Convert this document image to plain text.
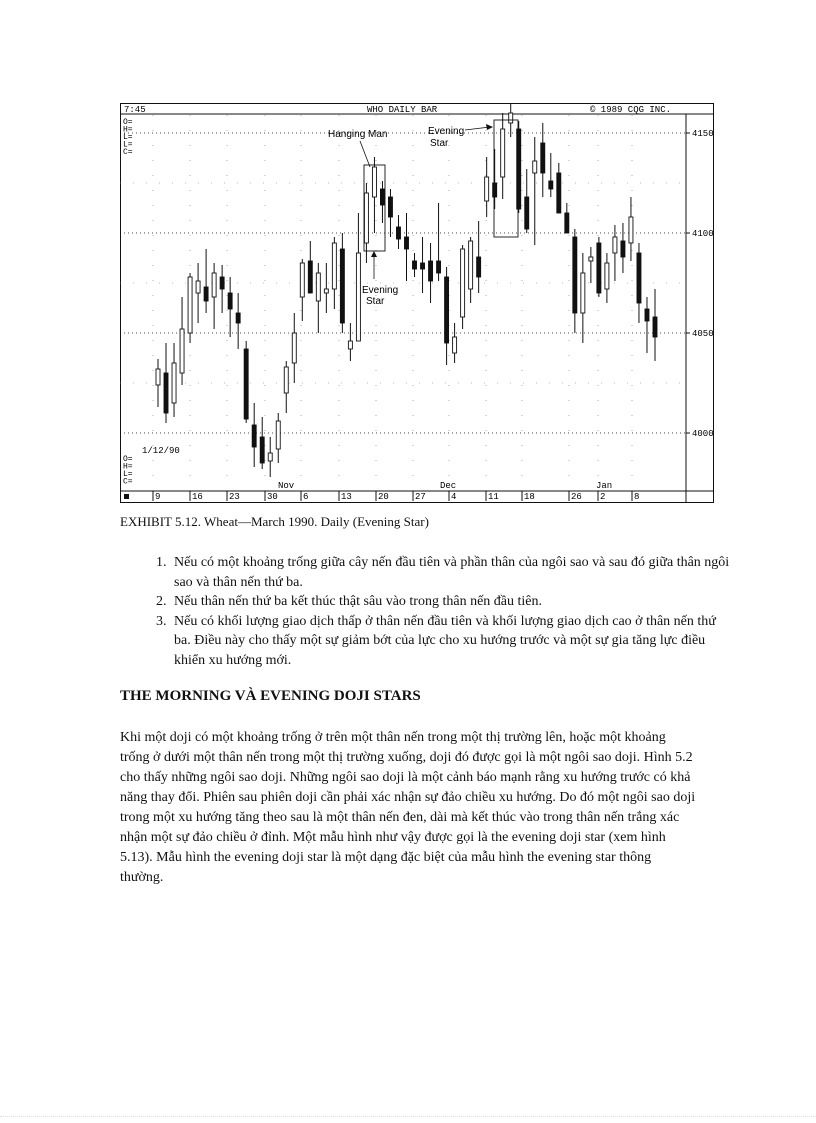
7:45	WHO DAILY BAR	© 1989 CQG INC.
O=
H=
L=
L=
C=
O=
H=
L=
C=
1/12/90
4000
4050
4100
4150
9	16	23	30	6	13	20	27	4	11	18	26 2	8
Nov	Dec	Jan
Hanging Man
Evening
Star
Evening
Star
EXHIBIT 5.12. Wheat—March 1990. Daily (Evening Star)
1. Nếu có một khoảng trống giữa cây nến đầu tiên và phần thân của ngôi sao và sau đó giữa thân ngôi sao và thân nến thứ ba.
2. Nếu thân nến thứ ba kết thúc thật sâu vào trong thân nến đầu tiên.
3. Nếu có khối lượng giao dịch thấp ở thân nến đầu tiên và khối lượng giao dịch cao ở thân nến thứ ba. Điều này cho thấy một sự giảm bớt của lực cho xu hướng trước và một sự gia tăng lực điều khiển xu hướng mới.
THE MORNING VÀ EVENING DOJI STARS

Khi một doji có một khoảng trống ở trên một thân nến trong một thị trường lên, hoặc một khoảng trống ở dưới một thân nến trong một thị trường xuống, doji đó được gọi là một ngôi sao doji. Hình 5.2 cho thấy những ngôi sao doji. Những ngôi sao doji là một cảnh báo mạnh rằng xu hướng trước có khả năng thay đổi. Phiên sau phiên doji cần phải xác nhận sự đảo chiều xu hướng. Do đó một ngôi sao doji trong một xu hướng tăng theo sau là một thân nến đen, dài mà kết thúc vào trong thân nến trắng xác nhận một sự đảo chiều ở đỉnh. Một mẫu hình như vậy được gọi là the evening doji star (xem hình 5.13). Mẫu hình the evening doji star là một dạng đặc biệt của mẫu hình the evening star thông thường.
